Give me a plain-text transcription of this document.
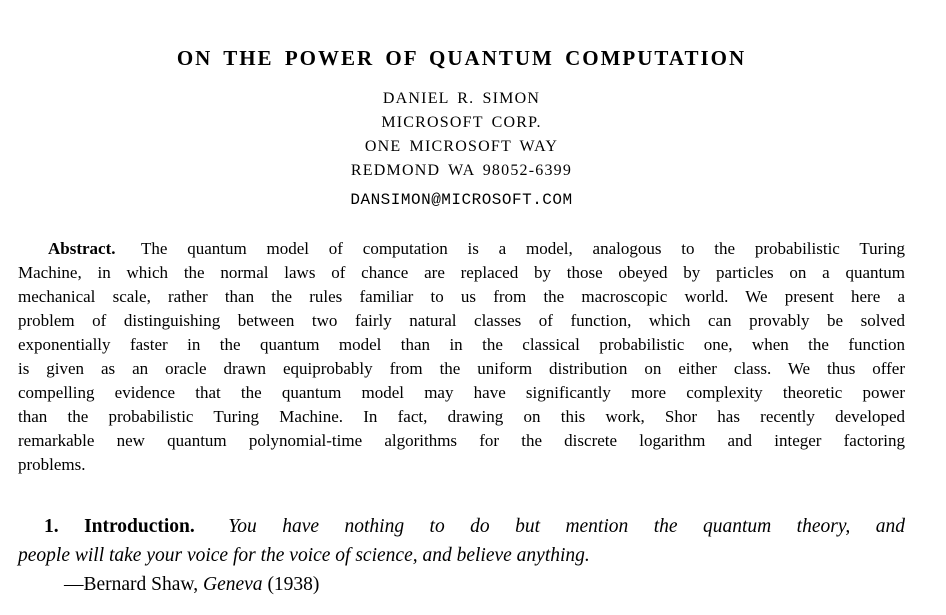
ON THE POWER OF QUANTUM COMPUTATION
DANIEL R. SIMON
MICROSOFT CORP.
ONE MICROSOFT WAY
REDMOND WA 98052-6399
DANSIMON@MICROSOFT.COM
Abstract. The quantum model of computation is a model, analogous to the probabilistic Turing
Machine, in which the normal laws of chance are replaced by those obeyed by particles on a quantum
mechanical scale, rather than the rules familiar to us from the macroscopic world. We present here a
problem of distinguishing between two fairly natural classes of function, which can provably be solved
exponentially faster in the quantum model than in the classical probabilistic one, when the function
is given as an oracle drawn equiprobably from the uniform distribution on either class. We thus offer
compelling evidence that the quantum model may have significantly more complexity theoretic power
than the probabilistic Turing Machine. In fact, drawing on this work, Shor has recently developed
remarkable new quantum polynomial-time algorithms for the discrete logarithm and integer factoring
problems.
1. Introduction. You have nothing to do but mention the quantum theory, and
people will take your voice for the voice of science, and believe anything.
—Bernard Shaw, Geneva (1938)
